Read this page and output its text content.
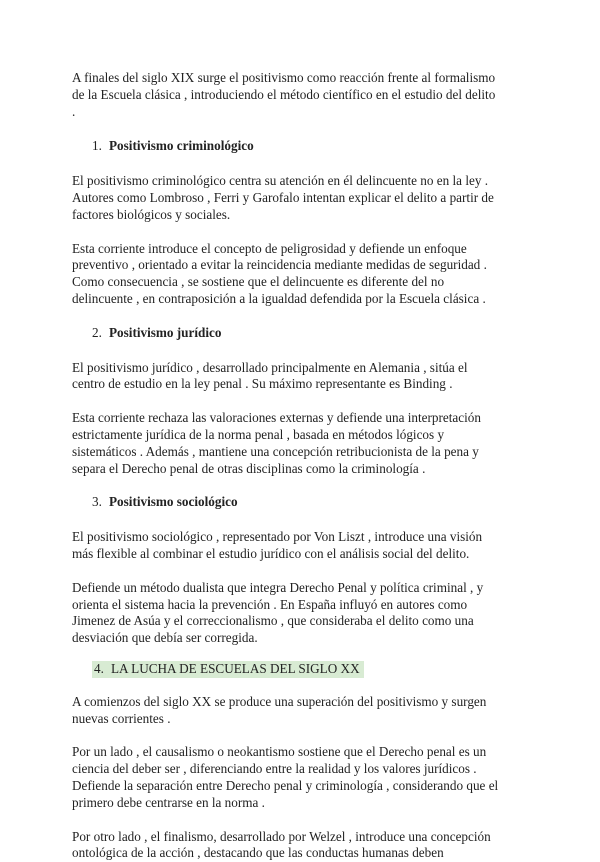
A finales del siglo XIX surge el positivismo como reacción frente al formalismo
de la Escuela clásica , introduciendo el método científico en el estudio del delito
.

1. Positivismo criminológico

El positivismo criminológico centra su atención en él delincuente no en la ley .
Autores como Lombroso , Ferri y Garofalo intentan explicar el delito a partir de
factores biológicos y sociales.

Esta corriente introduce el concepto de peligrosidad y defiende un enfoque
preventivo , orientado a evitar la reincidencia mediante medidas de seguridad .
Como consecuencia , se sostiene que el delincuente es diferente del no
delincuente , en contraposición a la igualdad defendida por la Escuela clásica .

2. Positivismo jurídico

El positivismo jurídico , desarrollado principalmente en Alemania , sitúa el
centro de estudio en la ley penal . Su máximo representante es Binding .

Esta corriente rechaza las valoraciones externas y defiende una interpretación
estrictamente jurídica de la norma penal , basada en métodos lógicos y
sistemáticos . Además , mantiene una concepción retribucionista de la pena y
separa el Derecho penal de otras disciplinas como la criminología .

3. Positivismo sociológico

El positivismo sociológico , representado por Von Liszt , introduce una visión
más flexible al combinar el estudio jurídico con el análisis social del delito.

Defiende un método dualista que integra Derecho Penal y política criminal , y
orienta el sistema hacia la prevención . En España influyó en autores como
Jimenez de Asúa y el correccionalismo , que consideraba el delito como una
desviación que debía ser corregida.

4. LA LUCHA DE ESCUELAS DEL SIGLO XX

A comienzos del siglo XX se produce una superación del positivismo y surgen
nuevas corrientes .

Por un lado , el causalismo o neokantismo sostiene que el Derecho penal es un
ciencia del deber ser , diferenciando entre la realidad y los valores jurídicos .
Defiende la separación entre Derecho penal y criminología , considerando que el
primero debe centrarse en la norma .

Por otro lado , el finalismo, desarrollado por Welzel , introduce una concepción
ontológica de la acción , destacando que las conductas humanas deben
